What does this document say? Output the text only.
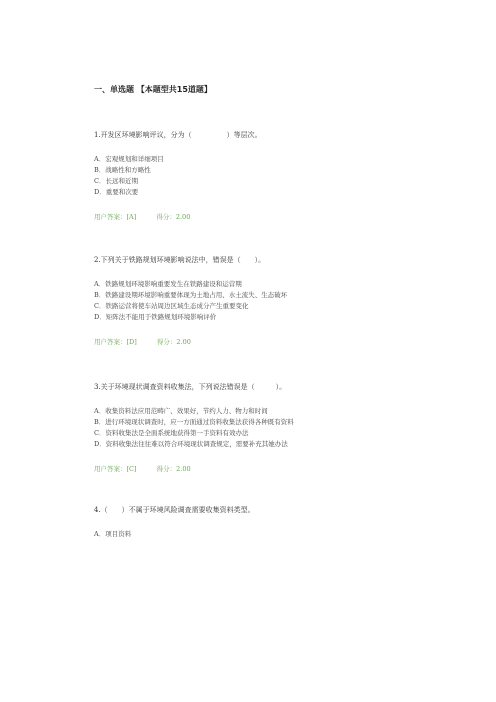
一、单选题 【本题型共15道题】
1.开发区环境影响评议，分为（　　　　　）等层次。
A．宏观规划和详细项目
B．战略性和方略性
C．长远和近期
D．重要和次要
用户答案：[A]	得分：2.00
2.下列关于铁路规划环境影响说法中，错误是（　　）。
A．铁路规划环境影响重要发生在铁路建设和运营期
B．铁路建设期环境影响重要体现为土地占用、水土流失、生态破坏
C．铁路运营将使车站周边区域生态成分产生重要变化
D．矩阵法不能用于铁路规划环境影响评价
用户答案：[D]	得分：2.00
3.关于环境现状调查资料收集法，下列说法错误是（　　　）。
A．收集资料法应用范畴广、效果好，节约人力、物力和时间
B．进行环境现状调查时，应一方面通过资料收集法获得各种既有资料
C．资料收集法是全面系统地获得第一手资料有效办法
D．资料收集法往往难以符合环境现状调查规定，需要补充其她办法
用户答案：[C]	得分：2.00
4.（　　）不属于环境风险调查需要收集资料类型。
A．项目资料
